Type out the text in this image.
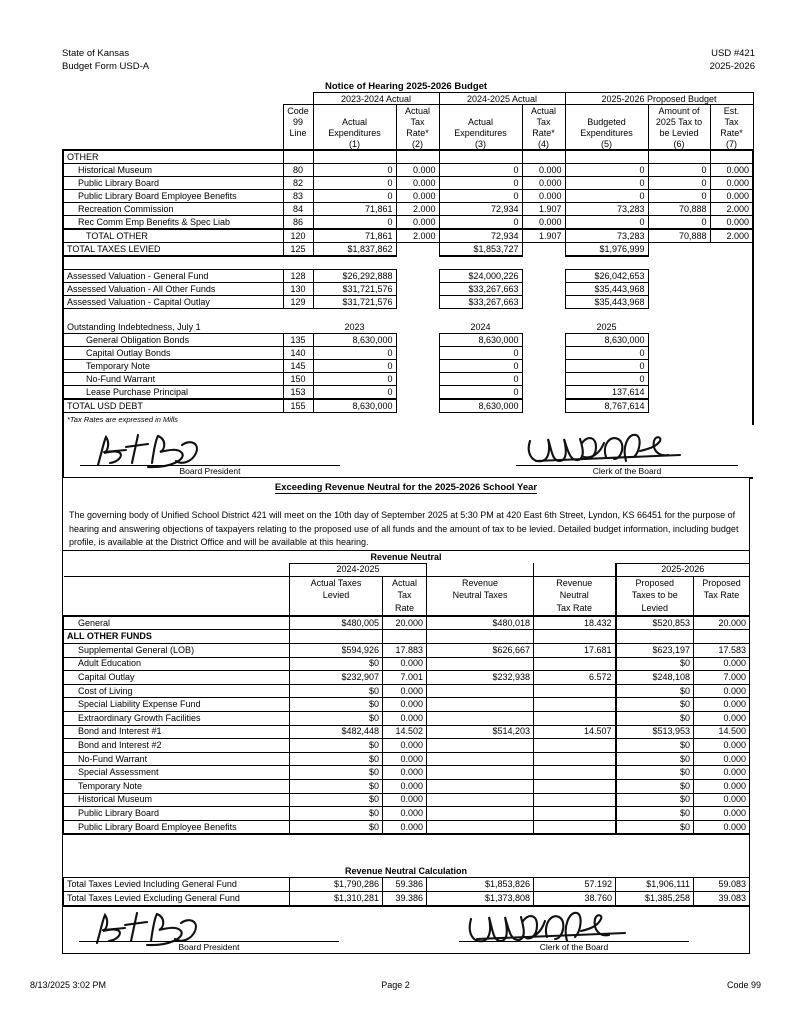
State of Kansas
Budget Form USD-A
USD #421
2025-2026
Notice of Hearing 2025-2026 Budget
		2023-2024 Actual		2024-2025 Actual		2025-2026 Proposed Budget		
	Code		Actual		Actual		Amount of	Est.
	99	Actual	Tax	Actual	Tax	Budgeted	2025 Tax to	Tax
	Line	Expenditures	Rate*	Expenditures	Rate*	Expenditures	be Levied	Rate*
		(1)	(2)	(3)	(4)	(5)	(6)	(7)
OTHER								
Historical Museum	80	0	0.000	0	0.000	0	0	0.000
Public Library Board	82	0	0.000	0	0.000	0	0	0.000
Public Library Board Employee Benefits	83	0	0.000	0	0.000	0	0	0.000
Recreation Commission	84	71,861	2.000	72,934	1.907	73,283	70,888	2.000
Rec Comm Emp Benefits & Spec Liab	86	0	0.000	0	0.000	0	0	0.000
TOTAL OTHER	120	71,861	2.000	72,934	1.907	73,283	70,888	2.000
TOTAL TAXES LEVIED	125	$1,837,862		$1,853,727		$1,976,999		

Assessed Valuation - General Fund	128	$26,292,888		$24,000,226		$26,042,653		
Assessed Valuation - All Other Funds	130	$31,721,576		$33,267,663		$35,443,968		
Assessed Valuation - Capital Outlay	129	$31,721,576		$33,267,663		$35,443,968		

Outstanding Indebtedness, July 1		2023		2024		2025		
General Obligation Bonds	135	8,630,000		8,630,000		8,630,000		
Capital Outlay Bonds	140	0		0		0		
Temporary Note	145	0		0		0		
No-Fund Warrant	150	0		0		0		
Lease Purchase Principal	153	0		0		137,614		
TOTAL USD DEBT	155	8,630,000		8,630,000		8,767,614		
*Tax Rates are expressed in Mills								

Board President Clerk of the Board								
Exceeding Revenue Neutral for the 2025-2026 School Year
The governing body of Unified School District 421 will meet on the 10th day of September 2025 at 5:30 PM at 420 East 6th Street, Lyndon, KS 66451 for the purpose of hearing and answering objections of taxpayers relating to the proposed use of all funds and the amount of tax to be levied. Detailed budget information, including budget profile, is available at the District Office and will be available at this hearing.
Revenue Neutral
	2024-2025				2025-2026	
	Actual Taxes	Actual	Revenue	Revenue	Proposed	Proposed
	Levied	Tax	Neutral Taxes	Neutral	Taxes to be	Tax Rate
		Rate		Tax Rate	Levied	
General	$480,005	20.000	$480,018	18.432	$520,853	20.000
ALL OTHER FUNDS						
Supplemental General (LOB)	$594,926	17.883	$626,667	17.681	$623,197	17.583
Adult Education	$0	0.000			$0	0.000
Capital Outlay	$232,907	7.001	$232,938	6.572	$248,108	7.000
Cost of Living	$0	0.000			$0	0.000
Special Liability Expense Fund	$0	0.000			$0	0.000
Extraordinary Growth Facilities	$0	0.000			$0	0.000
Bond and Interest #1	$482,448	14.502	$514,203	14.507	$513,953	14.500
Bond and Interest #2	$0	0.000			$0	0.000
No-Fund Warrant	$0	0.000			$0	0.000
Special Assessment	$0	0.000			$0	0.000
Temporary Note	$0	0.000			$0	0.000
Historical Museum	$0	0.000			$0	0.000
Public Library Board	$0	0.000			$0	0.000
Public Library Board Employee Benefits	$0	0.000			$0	0.000
Revenue Neutral Calculation
Total Taxes Levied Including General Fund	$1,790,286	59.386	$1,853,826	57.192	$1,906,111	59.083
Total Taxes Levied Excluding General Fund	$1,310,281	39.386	$1,373,808	38.760	$1,385,258	39.083
Board President	Clerk of the Board
8/13/2025 3:02 PM	Page 2	Code 99
